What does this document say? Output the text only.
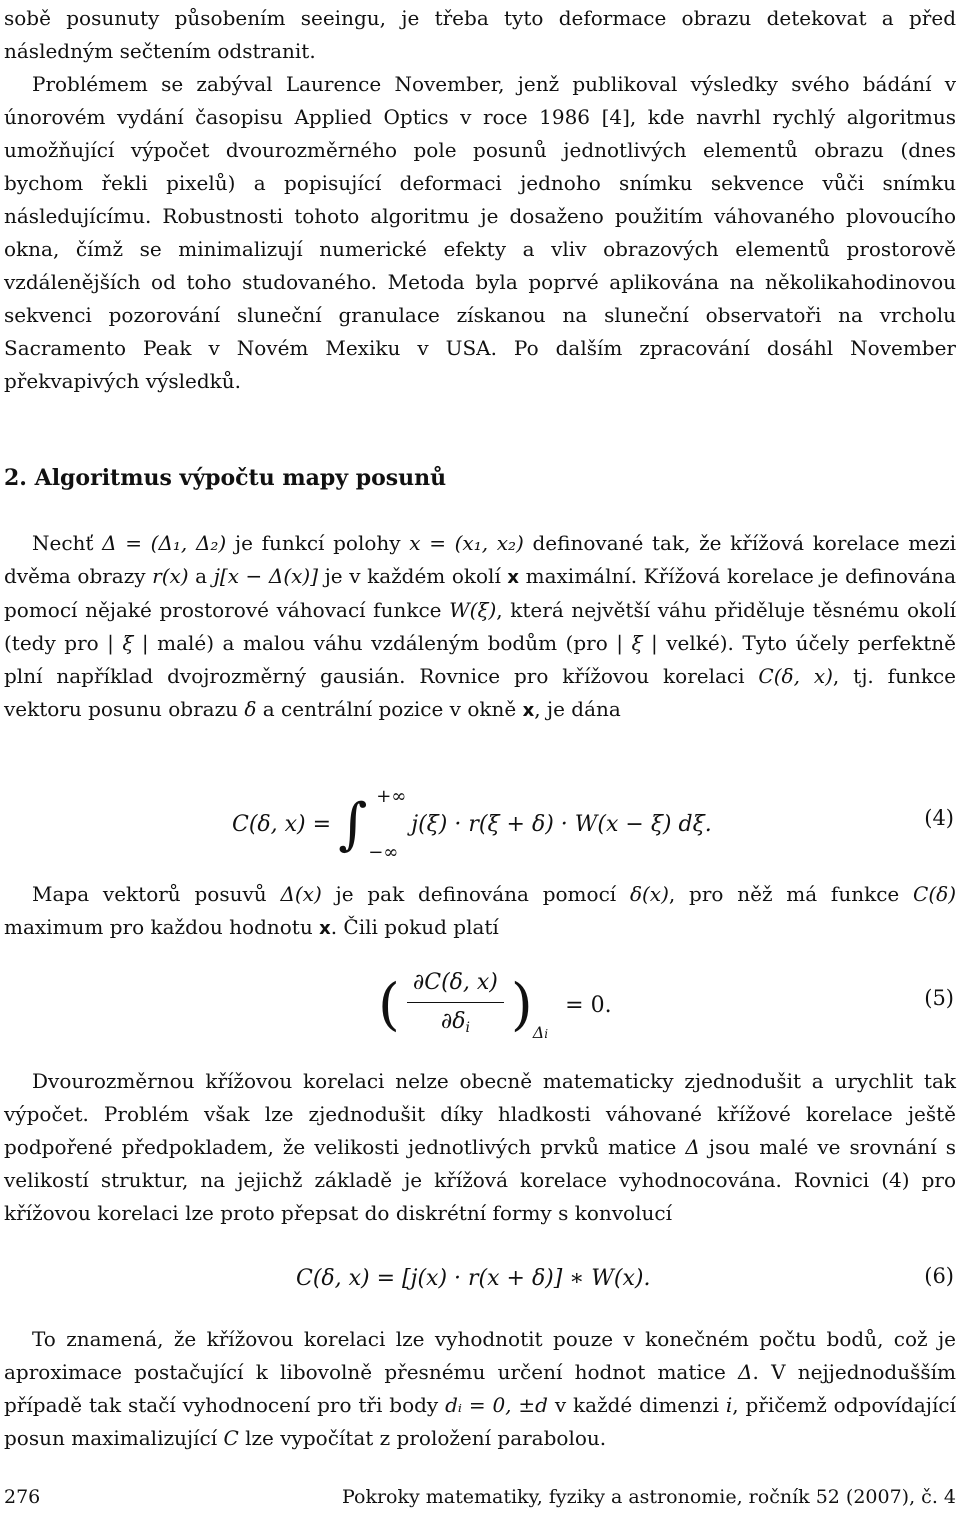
sobě posunuty působením seeingu, je třeba tyto deformace obrazu detekovat a před následným sečtením odstranit.

Problémem se zabýval Laurence November, jenž publikoval výsledky svého bádání v únorovém vydání časopisu Applied Optics v roce 1986 [4], kde navrhl rychlý algoritmus umožňující výpočet dvourozměrného pole posunů jednotlivých elementů obrazu (dnes bychom řekli pixelů) a popisující deformaci jednoho snímku sekvence vůči snímku následujícímu. Robustnosti tohoto algoritmu je dosaženo použitím váhovaného plovoucího okna, čímž se minimalizují numerické efekty a vliv obrazových elementů prostorově vzdálenějších od toho studovaného. Metoda byla poprvé aplikována na několikahodinovou sekvenci pozorování sluneční granulace získanou na sluneční observatoři na vrcholu Sacramento Peak v Novém Mexiku v USA. Po dalším zpracování dosáhl November překvapivých výsledků.

2. Algoritmus výpočtu mapy posunů

Nechť Δ = (Δ₁, Δ₂) je funkcí polohy x = (x₁, x₂) definované tak, že křížová korelace mezi dvěma obrazy r(x) a j[x − Δ(x)] je v každém okolí x maximální. Křížová korelace je definována pomocí nějaké prostorové váhovací funkce W(ξ), která největší váhu přiděluje těsnému okolí (tedy pro | ξ | malé) a malou váhu vzdáleným bodům (pro | ξ | velké). Tyto účely perfektně plní například dvojrozměrný gausián. Rovnice pro křížovou korelaci C(δ, x), tj. funkce vektoru posunu obrazu δ a centrální pozice v okně x, je dána

C(δ, x) = ∫ +∞
−∞
j(ξ) · r(ξ + δ) · W(x − ξ) dξ.	(4)

Mapa vektorů posuvů Δ(x) je pak definována pomocí δ(x), pro něž má funkce C(δ) maximum pro každou hodnotu x. Čili pokud platí

( $\frac{\partial C(\delta, x)}{\partial\delta_i} )_{\Delta i} = 0$.	(5)

Dvourozměrnou křížovou korelaci nelze obecně matematicky zjednodušit a urychlit tak výpočet. Problém však lze zjednodušit díky hladkosti váhované křížové korelace ještě podpořené předpokladem, že velikosti jednotlivých prvků matice Δ jsou malé ve srovnání s velikostí struktur, na jejichž základě je křížová korelace vyhodnocována. Rovnici (4) pro křížovou korelaci lze proto přepsat do diskrétní formy s konvolucí

C(δ, x) = [j(x) · r(x + δ)] ∗ W(x).	(6)

To znamená, že křížovou korelaci lze vyhodnotit pouze v konečném počtu bodů, což je aproximace postačující k libovolně přesnému určení hodnot matice Δ. V nejjednodušším případě tak stačí vyhodnocení pro tři body dᵢ = 0, ±d v každé dimenzi i, přičemž odpovídající posun maximalizující C lze vypočítat z proložení parabolou.

276	Pokroky matematiky, fyziky a astronomie, ročník 52 (2007), č. 4
